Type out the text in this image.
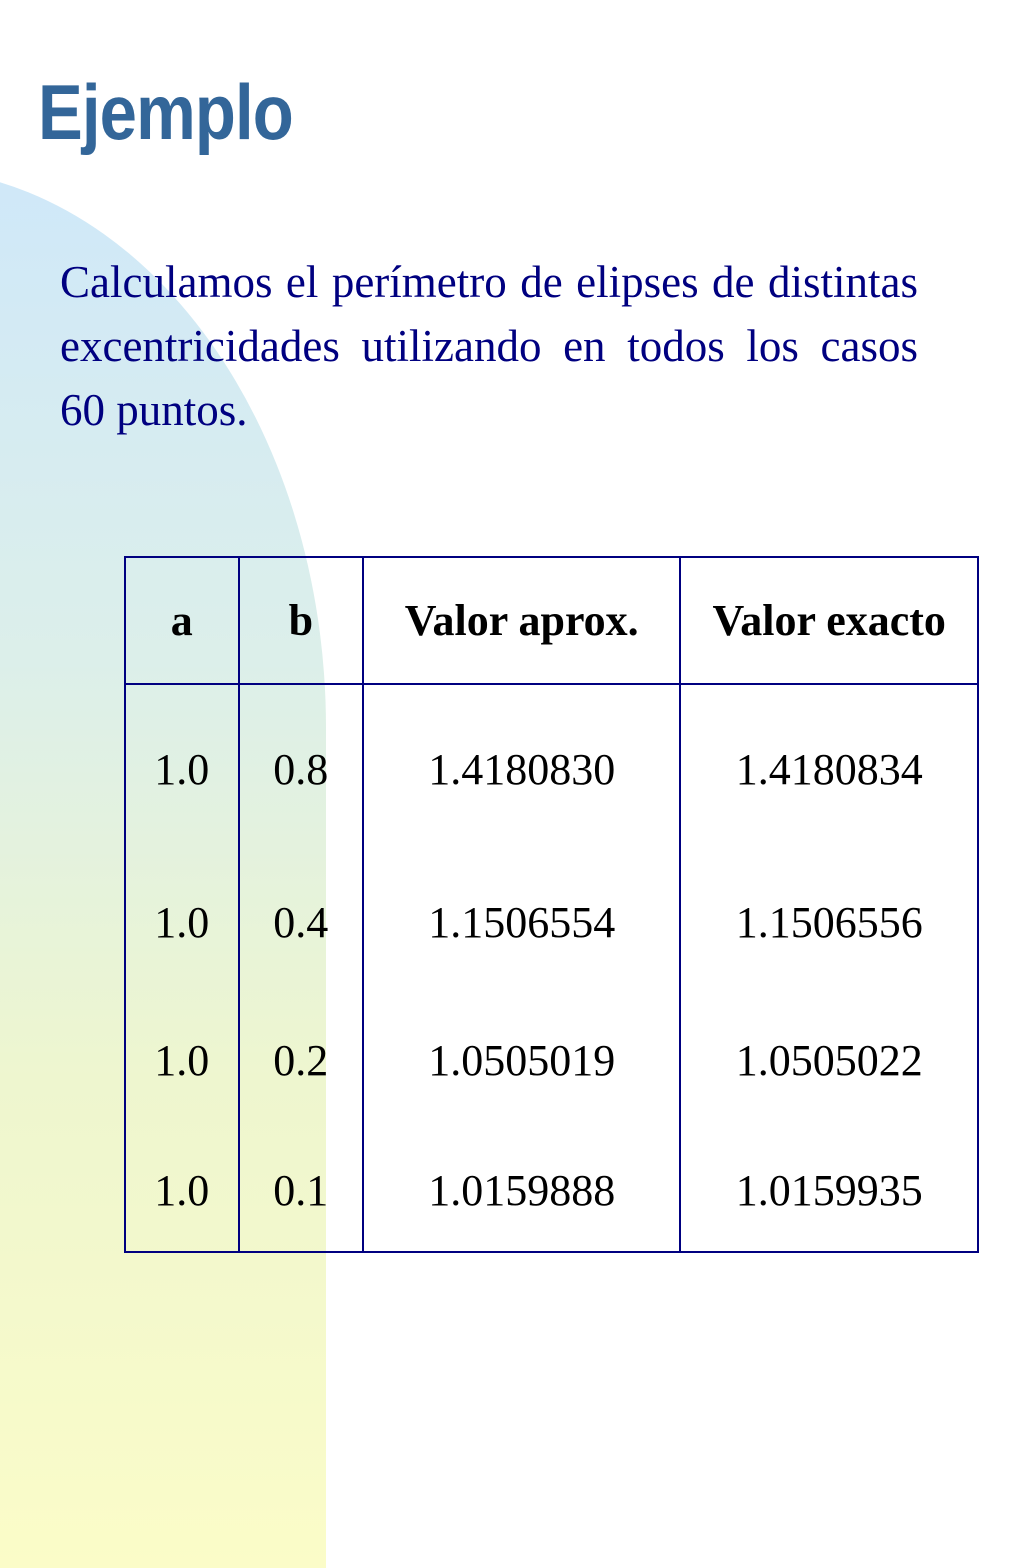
Ejemplo

Calculamos el perímetro de elipses de distintas excentricidades utilizando en todos los casos 60 puntos.

a	b	Valor aprox.	Valor exacto
1.0	0.8	1.4180830	1.4180834
1.0	0.4	1.1506554	1.1506556
1.0	0.2	1.0505019	1.0505022
1.0	0.1	1.0159888	1.0159935
